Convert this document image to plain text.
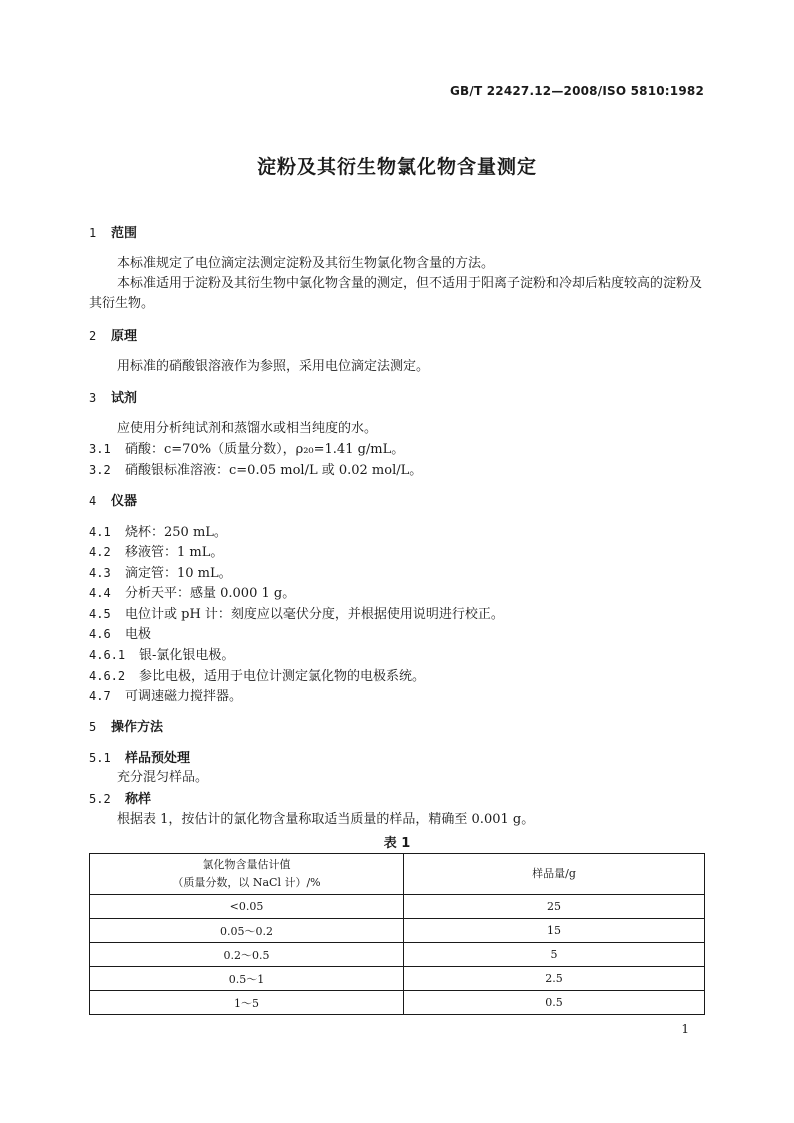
GB/T 22427.12—2008/ISO 5810:1982
淀粉及其衍生物氯化物含量测定
1 范围
本标准规定了电位滴定法测定淀粉及其衍生物氯化物含量的方法。
本标准适用于淀粉及其衍生物中氯化物含量的测定，但不适用于阳离子淀粉和冷却后粘度较高的淀粉及其衍生物。
2 原理
用标准的硝酸银溶液作为参照，采用电位滴定法测定。
3 试剂
应使用分析纯试剂和蒸馏水或相当纯度的水。
3.1 硝酸：c=70%（质量分数），ρ₂₀=1.41 g/mL。
3.2 硝酸银标准溶液：c=0.05 mol/L 或 0.02 mol/L。
4 仪器
4.1 烧杯：250 mL。
4.2 移液管：1 mL。
4.3 滴定管：10 mL。
4.4 分析天平：感量 0.000 1 g。
4.5 电位计或 pH 计：刻度应以毫伏分度，并根据使用说明进行校正。
4.6 电极
4.6.1 银-氯化银电极。
4.6.2 参比电极，适用于电位计测定氯化物的电极系统。
4.7 可调速磁力搅拌器。
5 操作方法
5.1 样品预处理
充分混匀样品。
5.2 称样
根据表 1，按估计的氯化物含量称取适当质量的样品，精确至 0.001 g。
表 1
氯化物含量估计值
（质量分数，以 NaCl 计）/%	样品量/g
<0.05	25
0.05～0.2	15
0.2～0.5	5
0.5～1	2.5
1～5	0.5
1
